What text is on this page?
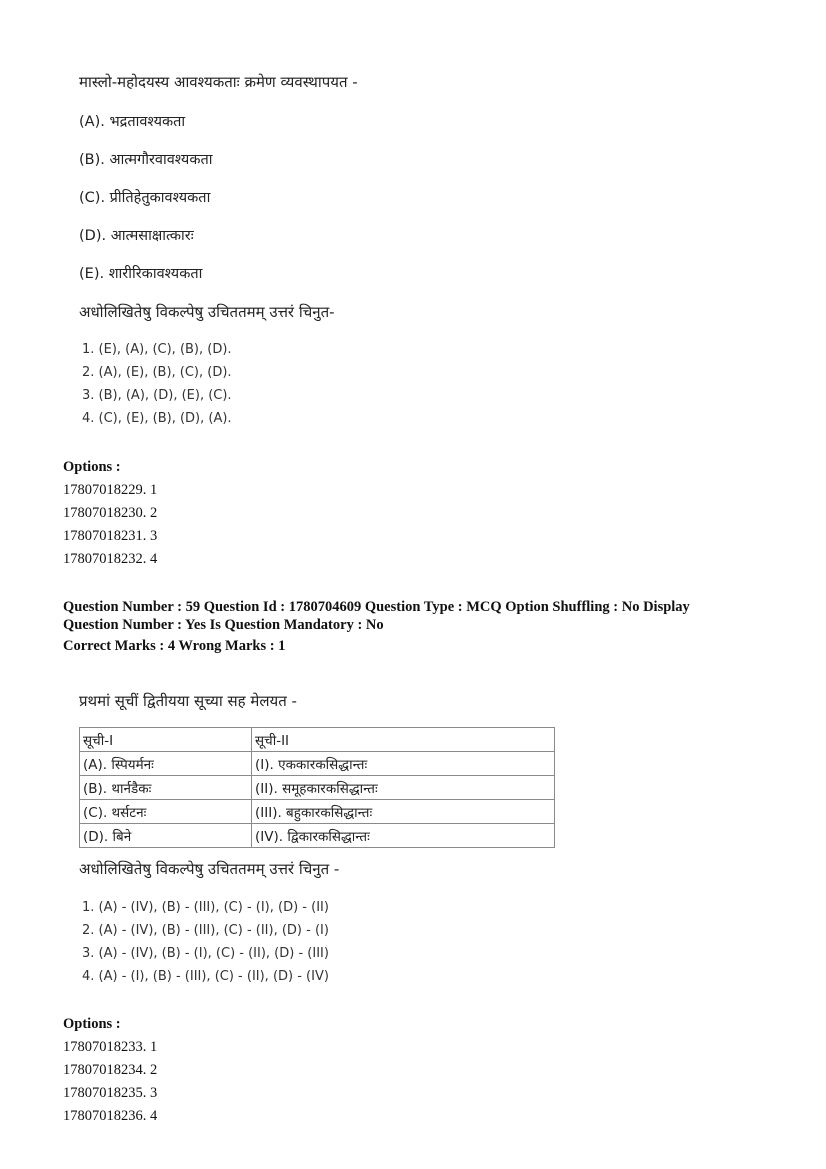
मास्लो-महोदयस्य आवश्यकताः क्रमेण व्यवस्थापयत -
(A). भद्रतावश्यकता
(B). आत्मगौरवावश्यकता
(C). प्रीतिहेतुकावश्यकता
(D). आत्मसाक्षात्कारः
(E). शारीरिकावश्यकता
अधोलिखितेषु विकल्पेषु उचिततमम् उत्तरं चिनुत-
1. (E), (A), (C), (B), (D).
2. (A), (E), (B), (C), (D).
3. (B), (A), (D), (E), (C).
4. (C), (E), (B), (D), (A).
Options :
17807018229. 1
17807018230. 2
17807018231. 3
17807018232. 4
Question Number : 59 Question Id : 1780704609 Question Type : MCQ Option Shuffling : No Display
Question Number : Yes Is Question Mandatory : No
Correct Marks : 4 Wrong Marks : 1
प्रथमां सूचीं द्वितीयया सूच्या सह मेलयत -
सूची-I	सूची-II
(A). स्पियर्मनः	(I). एककारकसिद्धान्तः
(B). थार्नडैकः	(II). समूहकारकसिद्धान्तः
(C). थर्सटनः	(III). बहुकारकसिद्धान्तः
(D). बिने	(IV). द्विकारकसिद्धान्तः
अधोलिखितेषु विकल्पेषु उचिततमम् उत्तरं चिनुत -
1. (A) - (IV), (B) - (III), (C) - (I), (D) - (II)
2. (A) - (IV), (B) - (III), (C) - (II), (D) - (I)
3. (A) - (IV), (B) - (I), (C) - (II), (D) - (III)
4. (A) - (I), (B) - (III), (C) - (II), (D) - (IV)
Options :
17807018233. 1
17807018234. 2
17807018235. 3
17807018236. 4
